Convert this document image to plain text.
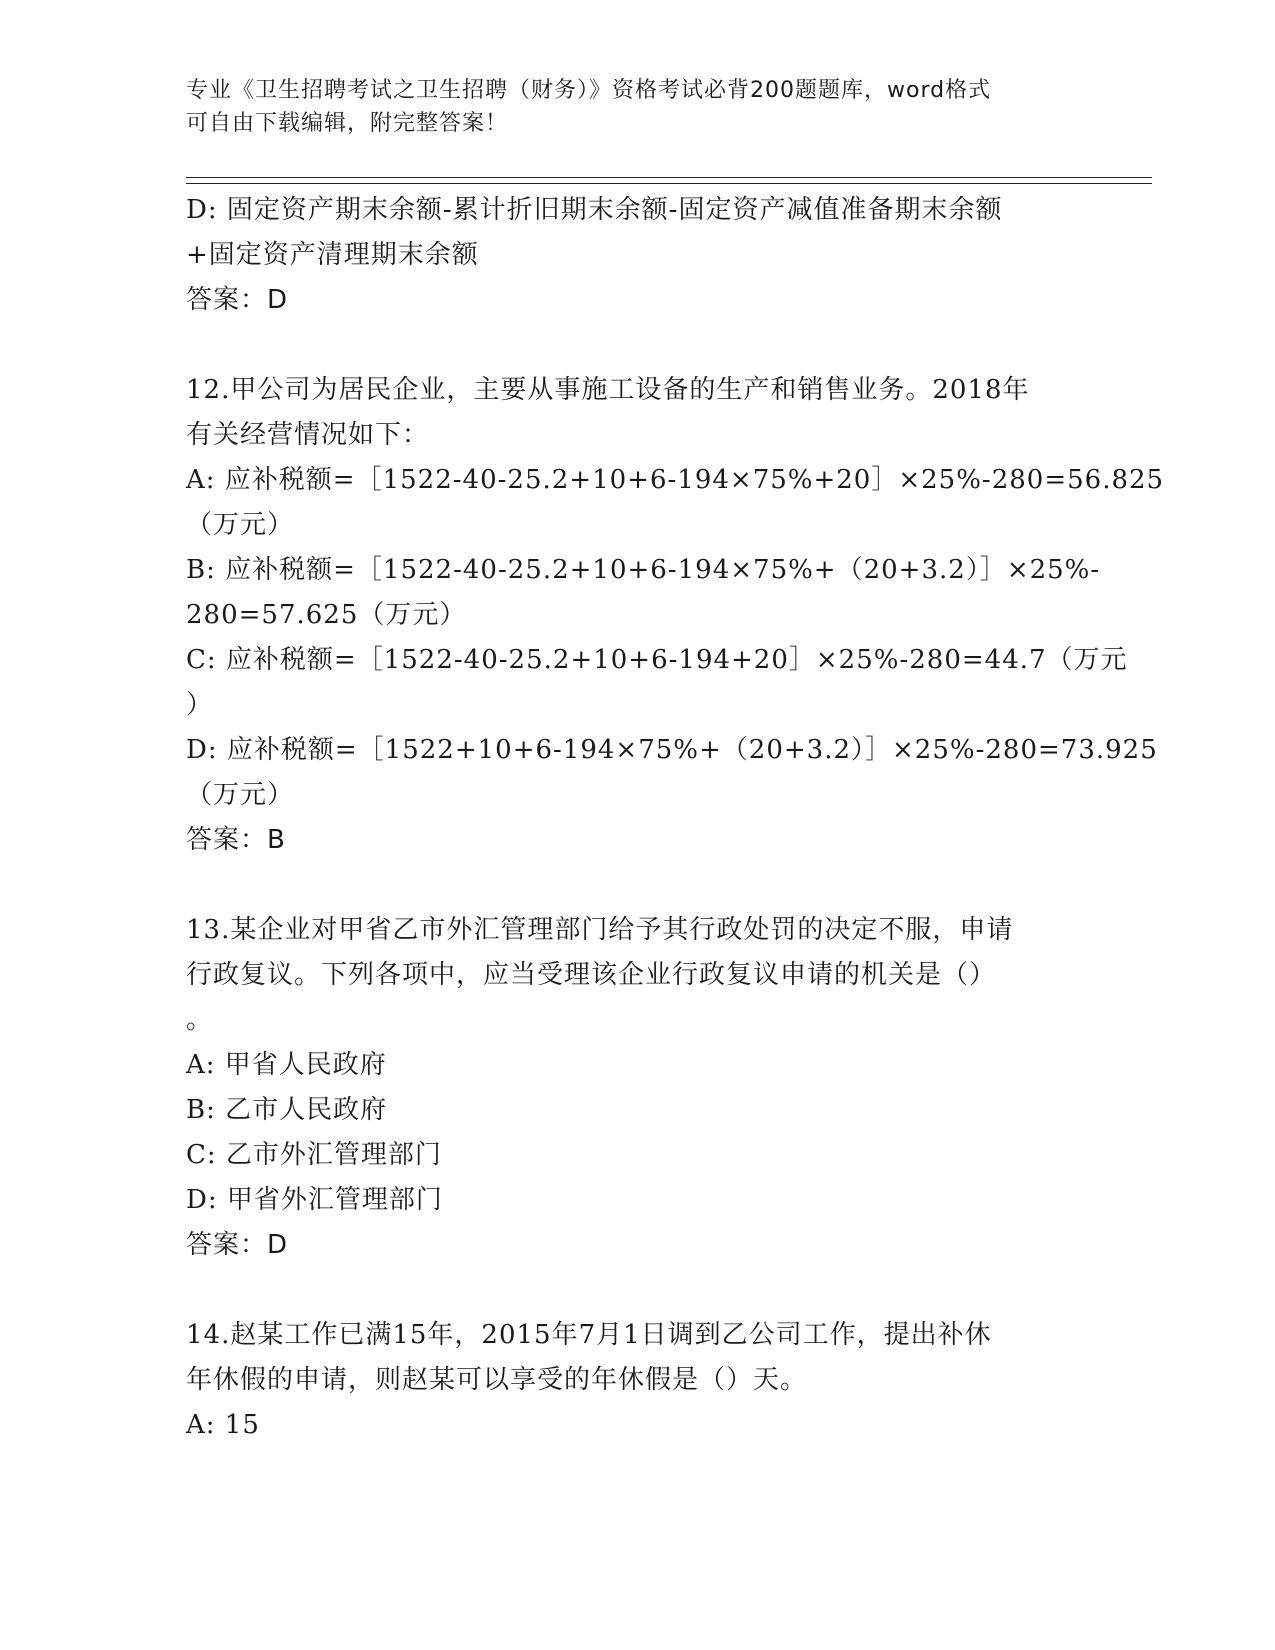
专业《卫生招聘考试之卫生招聘（财务）》资格考试必背200题题库，word格式
可自由下载编辑，附完整答案！
D: 固定资产期末余额-累计折旧期末余额-固定资产减值准备期末余额
+固定资产清理期末余额
答案：D
12.甲公司为居民企业，主要从事施工设备的生产和销售业务。2018年
有关经营情况如下：
A: 应补税额=［1522-40-25.2+10+6-194×75%+20］×25%-280=56.825
（万元）
B: 应补税额=［1522-40-25.2+10+6-194×75%+（20+3.2）］×25%-
280=57.625（万元）
C: 应补税额=［1522-40-25.2+10+6-194+20］×25%-280=44.7（万元
）
D: 应补税额=［1522+10+6-194×75%+（20+3.2）］×25%-280=73.925
（万元）
答案：B
13.某企业对甲省乙市外汇管理部门给予其行政处罚的决定不服，申请
行政复议。下列各项中，应当受理该企业行政复议申请的机关是（）
。
A: 甲省人民政府
B: 乙市人民政府
C: 乙市外汇管理部门
D: 甲省外汇管理部门
答案：D
14.赵某工作已满15年，2015年7月1日调到乙公司工作，提出补休
年休假的申请，则赵某可以享受的年休假是（）天。
A: 15
